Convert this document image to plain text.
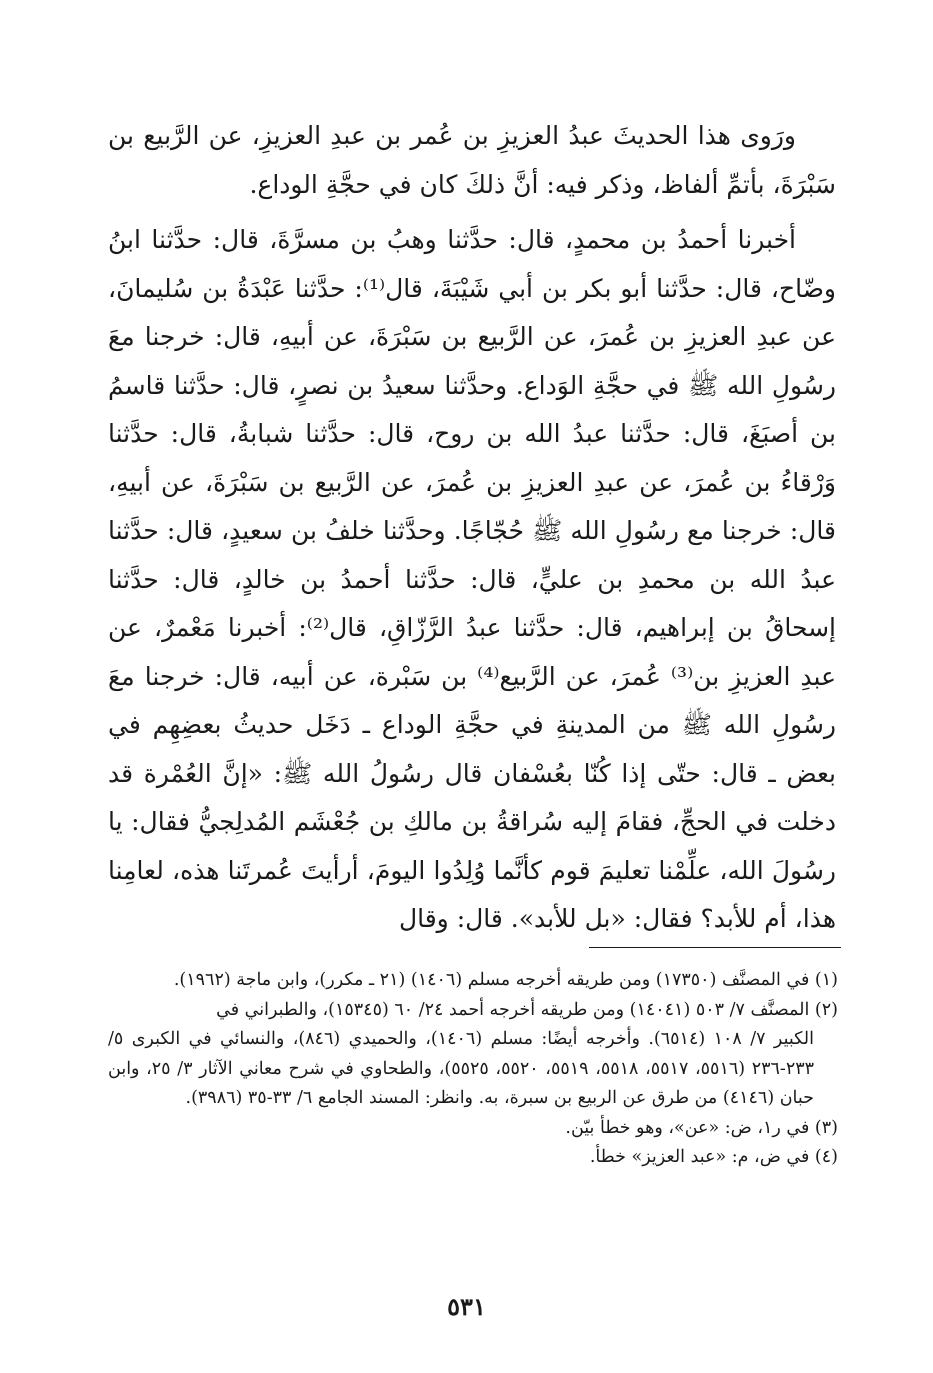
ورَوى هذا الحديثَ عبدُ العزيزِ بن عُمر بن عبدِ العزيزِ، عن الرَّبيع بن سَبْرَةَ، بأتمِّ ألفاظ، وذكر فيه: أنَّ ذلكَ كان في حجَّةِ الوداع.

أخبرنا أحمدُ بن محمدٍ، قال: حدَّثنا وهبُ بن مسرَّةَ، قال: حدَّثنا ابنُ وضّاح، قال: حدَّثنا أبو بكر بن أبي شَيْبَةَ، قال⁽¹⁾: حدَّثنا عَبْدَةُ بن سُليمانَ، عن عبدِ العزيزِ بن عُمرَ، عن الرَّبيع بن سَبْرَةَ، عن أبيهِ، قال: خرجنا معَ رسُولِ الله ﷺ في حجَّةِ الوَداع. وحدَّثنا سعيدُ بن نصرٍ، قال: حدَّثنا قاسمُ بن أصبَغَ، قال: حدَّثنا عبدُ الله بن روح، قال: حدَّثنا شبابةُ، قال: حدَّثنا وَرْقاءُ بن عُمرَ، عن عبدِ العزيزِ بن عُمرَ، عن الرَّبيع بن سَبْرَةَ، عن أبيهِ، قال: خرجنا مع رسُولِ الله ﷺ حُجّاجًا. وحدَّثنا خلفُ بن سعيدٍ، قال: حدَّثنا عبدُ الله بن محمدِ بن عليٍّ، قال: حدَّثنا أحمدُ بن خالدٍ، قال: حدَّثنا إسحاقُ بن إبراهيم، قال: حدَّثنا عبدُ الرَّزّاقِ، قال⁽²⁾: أخبرنا مَعْمرٌ، عن عبدِ العزيزِ بن⁽³⁾ عُمرَ، عن الرَّبيع⁽⁴⁾ بن سَبْرة، عن أبيه، قال: خرجنا معَ رسُولِ الله ﷺ من المدينةِ في حجَّةِ الوداع ـ دَخَل حديثُ بعضِهِم في بعض ـ قال: حتّى إذا كُنّا بعُسْفان قال رسُولُ الله ﷺ: «إنَّ العُمْرة قد دخلت في الحجِّ، فقامَ إليه سُراقةُ بن مالكِ بن جُعْشَم المُدلِجيُّ فقال: يا رسُولَ الله، علِّمْنا تعليمَ قوم كأنَّما وُلِدُوا اليومَ، أرأيتَ عُمرتَنا هذه، لعامِنا هذا، أم للأبد؟ فقال: «بل للأبد». قال: وقال

(١) في المصنَّف (١٧٣٥٠) ومن طريقه أخرجه مسلم (١٤٠٦) (٢١ ـ مكرر)، وابن ماجة (١٩٦٢).

(٢) المصنَّف ٧/ ٥٠٣ (١٤٠٤١) ومن طريقه أخرجه أحمد ٢٤/ ٦٠ (١٥٣٤٥)، والطبراني في

الكبير ٧/ ١٠٨ (٦٥١٤). وأخرجه أيضًا: مسلم (١٤٠٦)، والحميدي (٨٤٦)، والنسائي في الكبرى ٥/ ٢٣٣-٢٣٦ (٥٥١٦، ٥٥١٧، ٥٥١٨، ٥٥١٩، ٥٥٢٠، ٥٥٢٥)، والطحاوي في شرح معاني الآثار ٣/ ٢٥، وابن حبان (٤١٤٦) من طرق عن الربيع بن سبرة، به. وانظر: المسند الجامع ٦/ ٣٣-٣٥ (٣٩٨٦).

(٣) في ر١، ض: «عن»، وهو خطأ بيّن.

(٤) في ض، م: «عبد العزيز» خطأ.

٥٣١
